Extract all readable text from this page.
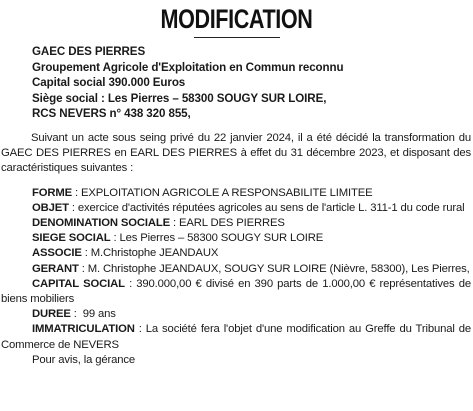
MODIFICATION
GAEC DES PIERRES
Groupement Agricole d'Exploitation en Commun reconnu
Capital social 390.000 Euros
Siège social : Les Pierres – 58300 SOUGY SUR LOIRE,
RCS NEVERS n° 438 320 855,

Suivant un acte sous seing privé du 22 janvier 2024, il a été décidé la transformation du GAEC DES PIERRES en EARL DES PIERRES à effet du 31 décembre 2023, et disposant des caractéristiques suivantes :

FORME : EXPLOITATION AGRICOLE A RESPONSABILITE LIMITEE

OBJET : exercice d'activités réputées agricoles au sens de l'article L. 311-1 du code rural

DENOMINATION SOCIALE : EARL DES PIERRES

SIEGE SOCIAL : Les Pierres – 58300 SOUGY SUR LOIRE

ASSOCIE : M.Christophe JEANDAUX

GERANT : M. Christophe JEANDAUX, SOUGY SUR LOIRE (Nièvre, 58300), Les Pierres,

CAPITAL SOCIAL : 390.000,00 € divisé en 390 parts de 1.000,00 € représentatives de biens mobiliers

DUREE :  99 ans

IMMATRICULATION : La société fera l'objet d'une modification au Greffe du Tribunal de Commerce de NEVERS

Pour avis, la gérance
